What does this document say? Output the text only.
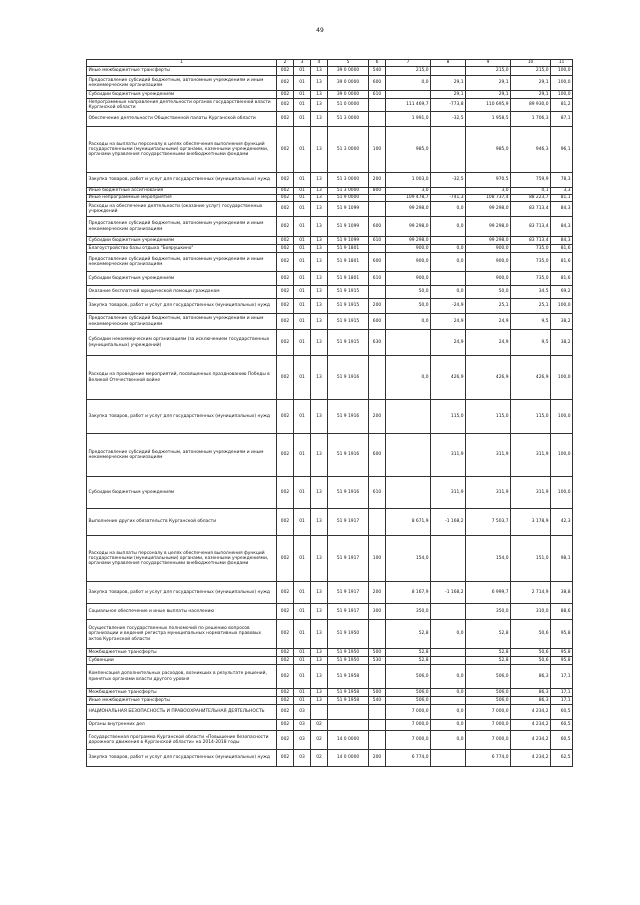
49
1	2	3	4	5	6	7	8	9	10	11
Иные межбюджетные трансферты	002	01	13	39 0 0000	540	215,0		215,0	215,0	100,0
Предоставление субсидий бюджетным, автономным учреждениям и иным некоммерческим организациям	002	01	13	39 0 0000	600	0,0	29,1	29,1	29,1	100,0
Субсидии бюджетным учреждениям	002	01	13	39 0 0000	610		29,1	29,1	29,1	100,0
Непрограммные направления деятельности органов государственной власти Курганской области	002	01	13	51 0 0000		111 469,7	-773,8	110 695,9	89 930,0	81,2
Обеспечение деятельности Общественной палаты Курганской области	002	01	13	51 3 0000		1 991,0	-32,5	1 958,5	1 706,3	87,1
Расходы на выплаты персоналу в целях обеспечения выполнения функций государственными (муниципальными) органами, казенными учреждениями, органами управления государственными внебюджетными фондами	002	01	13	51 3 0000	100	985,0		985,0	946,3	96,1
Закупка товаров, работ и услуг для государственных (муниципальных) нужд	002	01	13	51 3 0000	200	1 003,0	-32,5	970,5	759,9	78,3
Иные бюджетные ассигнования	002	01	13	51 3 0000	800	3,0		3,0	0,1	3,3
Иные непрограммные мероприятия	002	01	13	51 9 0000		109 478,7	-741,3	108 737,4	88 223,7	81,1
Расходы на обеспечение деятельности (оказание услуг) государственных учреждений	002	01	13	51 9 1099		99 298,0	0,0	99 298,0	83 713,4	84,3
Предоставление субсидий бюджетным, автономным учреждениям и иным некоммерческим организациям	002	01	13	51 9 1099	600	99 298,0	0,0	99 298,0	83 713,4	84,3
Субсидии бюджетным учреждениям	002	01	13	51 9 1099	610	99 298,0		99 298,0	83 713,4	84,3
Благоустройство базы отдыха "Боярушкино"	002	01	13	51 9 1801		900,0	0,0	900,0	735,0	81,6
Предоставление субсидий бюджетным, автономным учреждениям и иным некоммерческим организациям	002	01	13	51 9 1801	600	900,0	0,0	900,0	735,0	81,6
Субсидии бюджетным учреждениям	002	01	13	51 9 1801	610	900,0		900,0	735,0	81,6
Оказание бесплатной юридической помощи гражданам	002	01	13	51 9 1915		50,0	0,0	50,0	34,5	69,2
Закупка товаров, работ и услуг для государственных (муниципальных) нужд	002	01	13	51 9 1915	200	50,0	-24,9	25,1	25,1	100,0
Предоставление субсидий бюджетным, автономным учреждениям и иным некоммерческим организациям	002	01	13	51 9 1915	600	0,0	24,9	24,9	9,5	38,2
Субсидии некоммерческим организациям (за исключением государственных (муниципальных) учреждений)	002	01	13	51 9 1915	630		24,9	24,9	9,5	38,2
Расходы на проведение мероприятий, посвященных празднованию Победы в Великой Отечественной войне	002	01	13	51 9 1916		0,0	426,9	426,9	426,9	100,0
Закупка товаров, работ и услуг для государственных (муниципальных) нужд	002	01	13	51 9 1916	200		115,0	115,0	115,0	100,0
Предоставление субсидий бюджетным, автономным учреждениям и иным некоммерческим организациям	002	01	13	51 9 1916	600		311,9	311,9	311,9	100,0
Субсидии бюджетным учреждениям	002	01	13	51 9 1916	610		311,9	311,9	311,9	100,0
Выполнение других обязательств Курганской области	002	01	13	51 9 1917		8 671,9	-1 168,2	7 503,7	3 178,9	42,3
Расходы на выплаты персоналу в целях обеспечения выполнения функций государственными (муниципальными) органами, казенными учреждениями, органами управления государственными внебюджетными фондами	002	01	13	51 9 1917	100	154,0		154,0	151,0	98,1
Закупка товаров, работ и услуг для государственных (муниципальных) нужд	002	01	13	51 9 1917	200	8 167,9	-1 168,2	6 999,7	2 714,9	38,8
Социальное обеспечение и иные выплаты населению	002	01	13	51 9 1917	300	350,0		350,0	310,0	88,6
Осуществление государственных полномочий по решению вопросов организации и ведения регистра муниципальных нормативных правовых актов Курганской области	002	01	13	51 9 1950		52,8	0,0	52,8	50,6	95,8
Межбюджетные трансферты	002	01	13	51 9 1950	500	52,8		52,8	50,6	95,8
Субвенции	002	01	13	51 9 1950	530	52,8		52,8	50,6	95,8
Компенсация дополнительных расходов, возникших в результате решений, принятых органами власти другого уровня	002	01	13	51 9 1958		506,0	0,0	506,0	86,3	17,1
Межбюджетные трансферты	002	01	13	51 9 1958	500	506,0	0,0	506,0	86,3	17,1
Иные межбюджетные трансферты	002	01	13	51 9 1958	540	506,0		506,0	86,3	17,1
НАЦИОНАЛЬНАЯ БЕЗОПАСНОСТЬ И ПРАВООХРАНИТЕЛЬНАЯ ДЕЯТЕЛЬНОСТЬ	002	03				7 000,0	0,0	7 000,0	4 234,2	60,5
Органы внутренних дел	002	03	02			7 000,0	0,0	7 000,0	4 234,2	60,5
Государственная программа Курганской области «Повышение безопасности дорожного движения в Курганской области» на 2014-2018 годы	002	03	02	14 0 0000		7 000,0	0,0	7 000,0	4 234,2	60,5
Закупка товаров, работ и услуг для государственных (муниципальных) нужд	002	03	02	14 0 0000	200	6 774,0		6 774,0	4 234,2	62,5
